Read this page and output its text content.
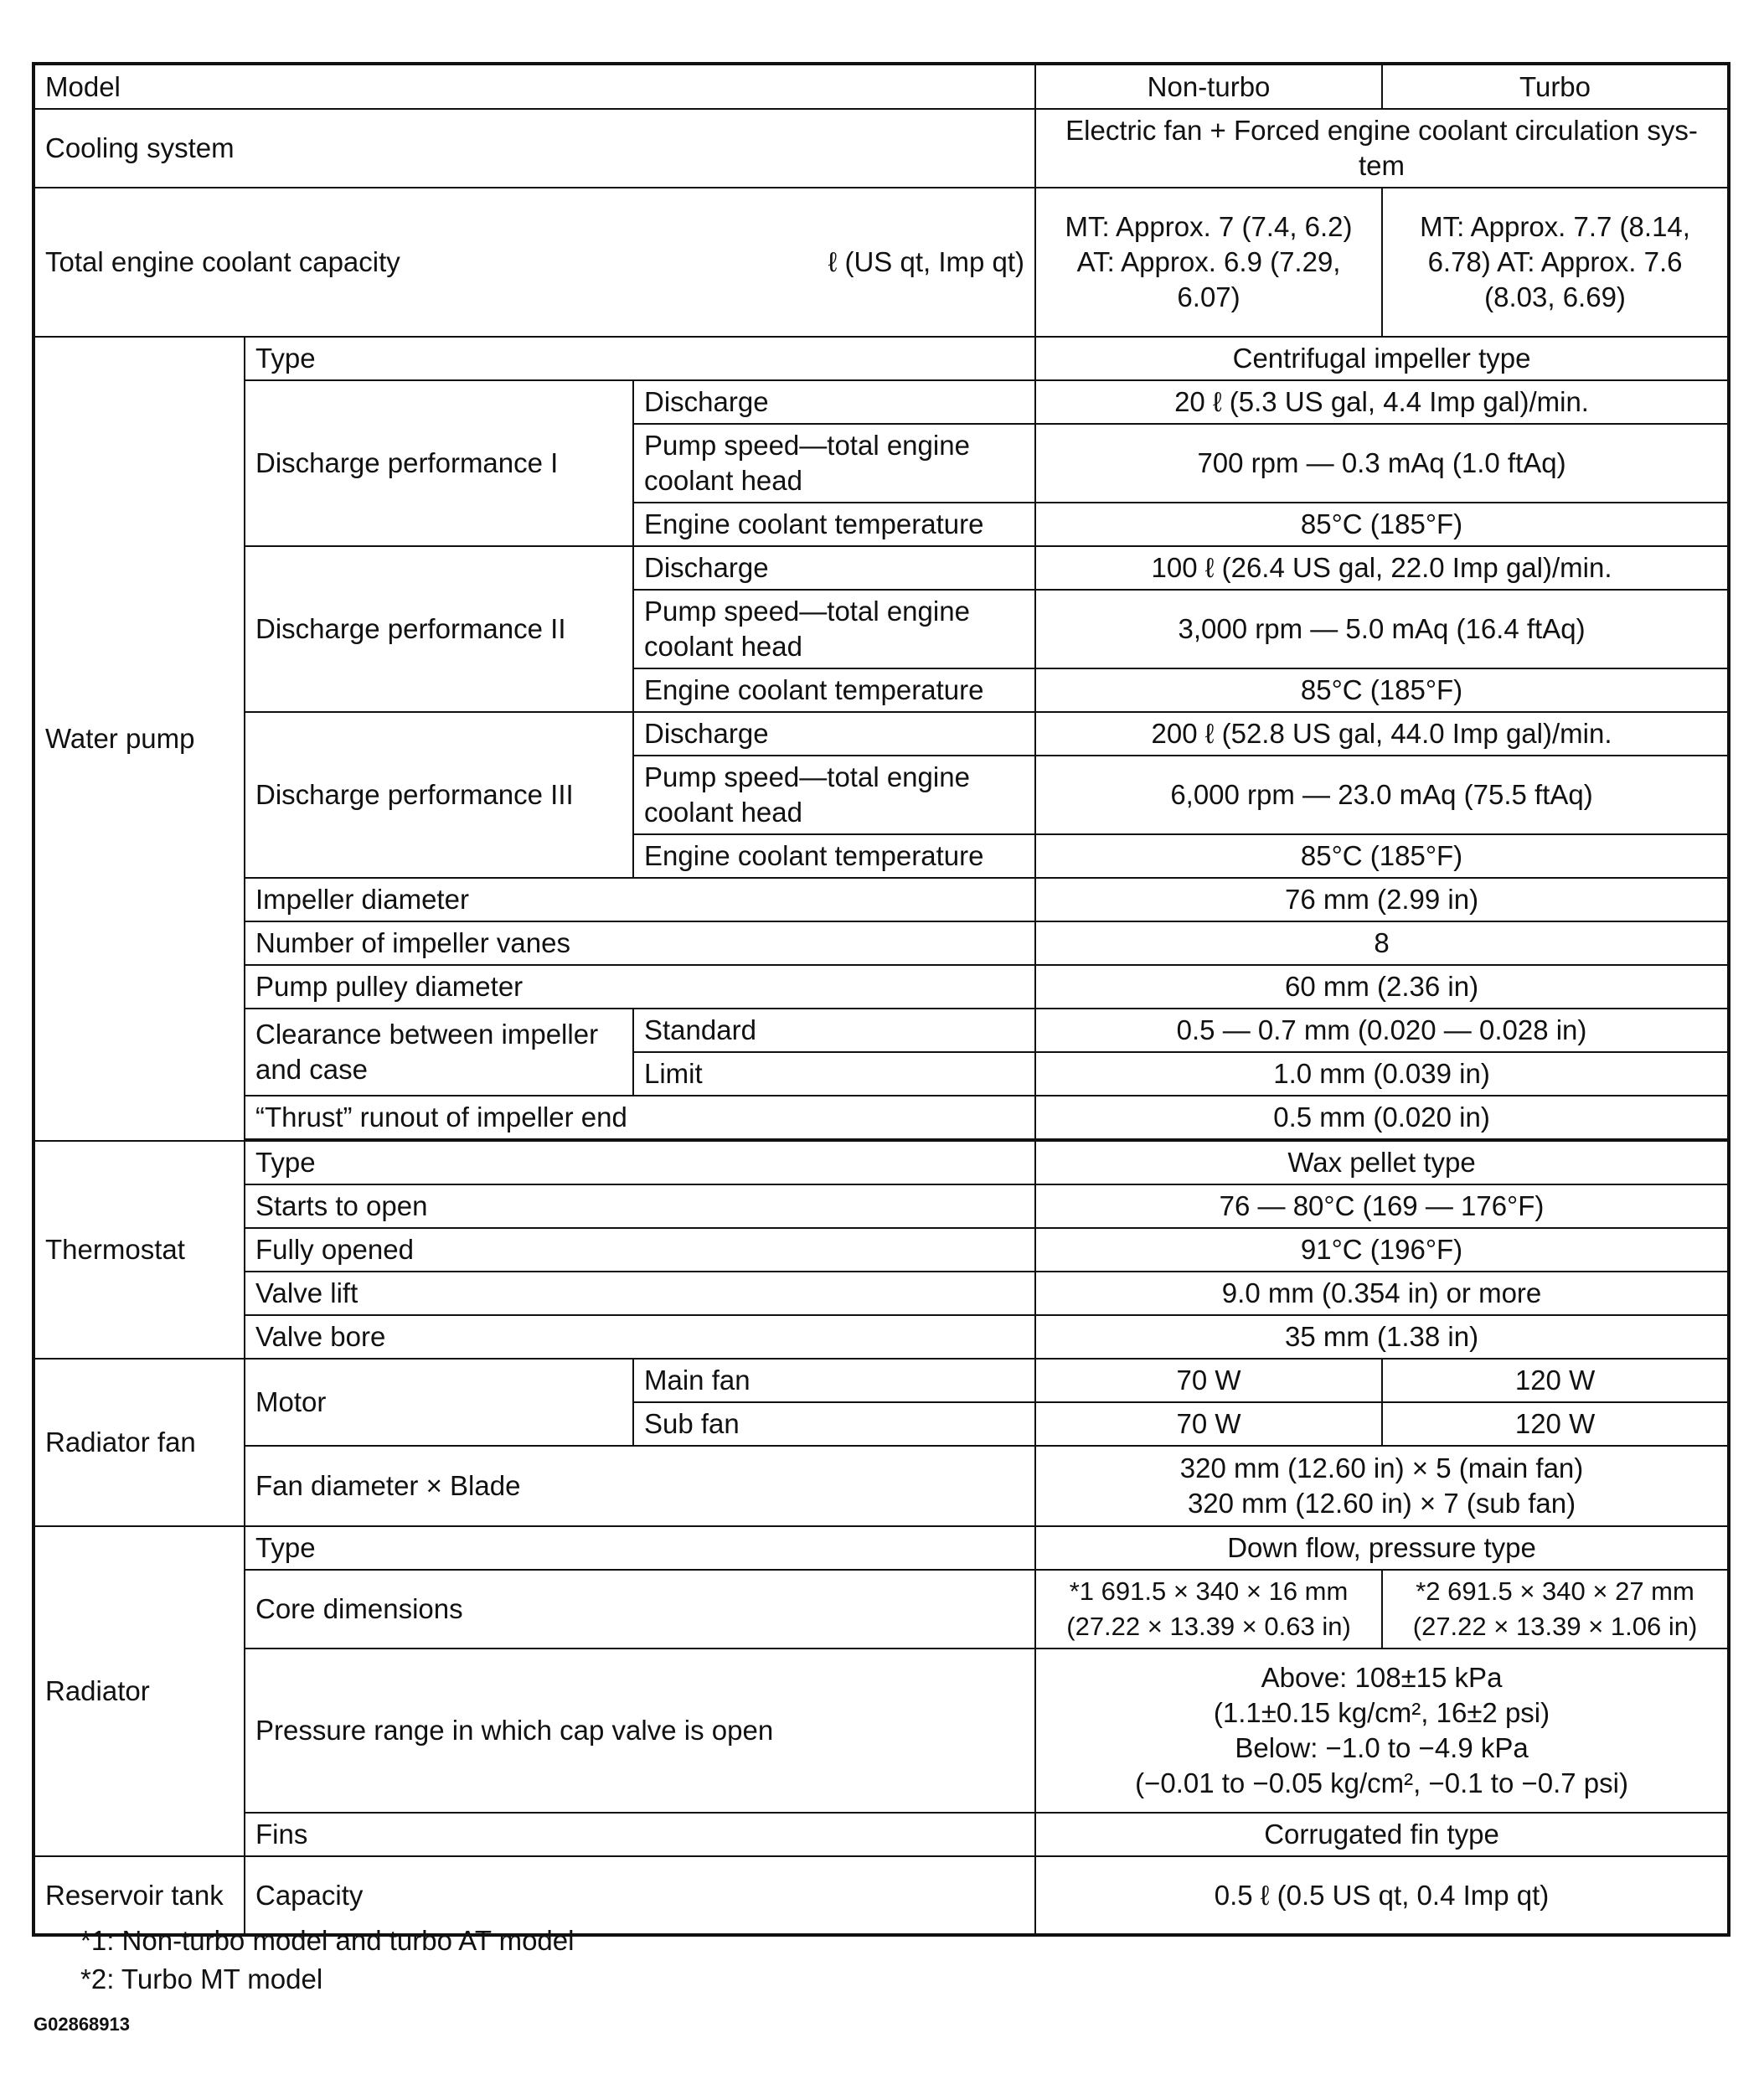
Model			Non-turbo	Turbo
Cooling system			Electric fan + Forced engine coolant circulation sys-tem	
Total engine coolant capacity ℓ (US qt, Imp qt)			MT: Approx. 7 (7.4, 6.2) AT: Approx. 6.9 (7.29, 6.07)	MT: Approx. 7.7 (8.14, 6.78) AT: Approx. 7.6 (8.03, 6.69)
Water pump	Type		Centrifugal impeller type	
	Discharge performance I	Discharge	20 ℓ (5.3 US gal, 4.4 Imp gal)/min.	
		Pump speed—total engine coolant head	700 rpm — 0.3 mAq (1.0 ftAq)	
		Engine coolant temperature	85°C (185°F)	
	Discharge performance II	Discharge	100 ℓ (26.4 US gal, 22.0 Imp gal)/min.	
		Pump speed—total engine coolant head	3,000 rpm — 5.0 mAq (16.4 ftAq)	
		Engine coolant temperature	85°C (185°F)	
	Discharge performance III	Discharge	200 ℓ (52.8 US gal, 44.0 Imp gal)/min.	
		Pump speed—total engine coolant head	6,000 rpm — 23.0 mAq (75.5 ftAq)	
		Engine coolant temperature	85°C (185°F)	
	Impeller diameter		76 mm (2.99 in)	
	Number of impeller vanes		8	
	Pump pulley diameter		60 mm (2.36 in)	
	Clearance between impeller and case	Standard	0.5 — 0.7 mm (0.020 — 0.028 in)	
		Limit	1.0 mm (0.039 in)	
	“Thrust” runout of impeller end		0.5 mm (0.020 in)	

Thermostat	Type		Wax pellet type	
	Starts to open		76 — 80°C (169 — 176°F)	
	Fully opened		91°C (196°F)	
	Valve lift		9.0 mm (0.354 in) or more	
	Valve bore		35 mm (1.38 in)	
Radiator fan	Motor	Main fan	70 W	120 W
		Sub fan	70 W	120 W
	Fan diameter × Blade		320 mm (12.60 in) × 5 (main fan)
320 mm (12.60 in) × 7 (sub fan)	

Radiator	Type		Down flow, pressure type	
	Core dimensions		*1 691.5 × 340 × 16 mm (27.22 × 13.39 × 0.63 in)	*2 691.5 × 340 × 27 mm (27.22 × 13.39 × 1.06 in)
	Pressure range in which cap valve is open		Above: 108±15 kPa
(1.1±0.15 kg/cm², 16±2 psi)
Below: −1.0 to −4.9 kPa
(−0.01 to −0.05 kg/cm², −0.1 to −0.7 psi)	

	Fins		Corrugated fin type	
Reservoir tank	Capacity		0.5 ℓ (0.5 US qt, 0.4 Imp qt)	
*1: Non-turbo model and turbo AT model
*2: Turbo MT model
G02868913
